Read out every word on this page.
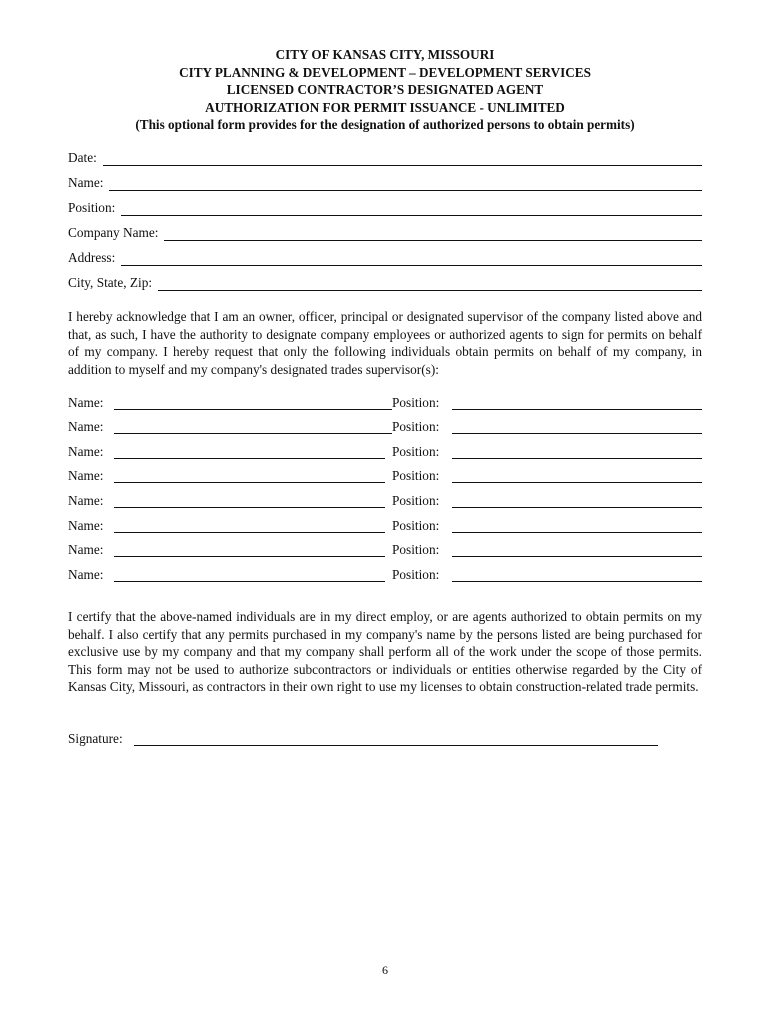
CITY OF KANSAS CITY, MISSOURI
CITY PLANNING & DEVELOPMENT – DEVELOPMENT SERVICES
LICENSED CONTRACTOR’S DESIGNATED AGENT
AUTHORIZATION FOR PERMIT ISSUANCE - UNLIMITED
(This optional form provides for the designation of authorized persons to obtain permits)
Date:
Name:
Position:
Company Name:
Address:
City, State, Zip:
I hereby acknowledge that I am an owner, officer, principal or designated supervisor of the company listed above and that, as such, I have the authority to designate company employees or authorized agents to sign for permits on behalf of my company. I hereby request that only the following individuals obtain permits on behalf of my company, in addition to myself and my company's designated trades supervisor(s):
Name:	Position:
Name:	Position:
Name:	Position:
Name:	Position:
Name:	Position:
Name:	Position:
Name:	Position:
Name:	Position:
I certify that the above-named individuals are in my direct employ, or are agents authorized to obtain permits on my behalf. I also certify that any permits purchased in my company's name by the persons listed are being purchased for exclusive use by my company and that my company shall perform all of the work under the scope of those permits. This form may not be used to authorize subcontractors or individuals or entities otherwise regarded by the City of Kansas City, Missouri, as contractors in their own right to use my licenses to obtain construction-related trade permits.
Signature:
6
